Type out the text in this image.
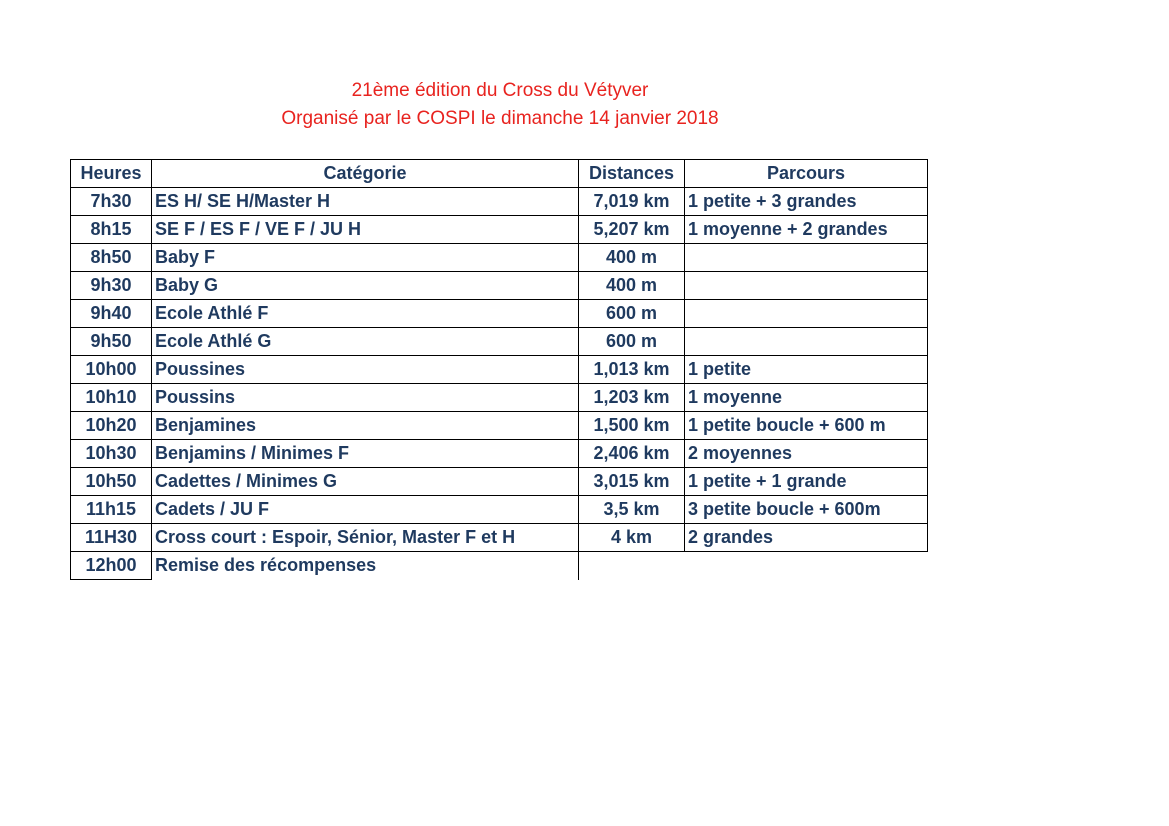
21ème édition du Cross du Vétyver
Organisé par le COSPI le dimanche 14 janvier 2018
Heures	Catégorie	Distances	Parcours
7h30	ES H/ SE H/Master H	7,019 km	1 petite + 3 grandes
8h15	SE F / ES F / VE F / JU H	5,207 km	1 moyenne + 2 grandes
8h50	Baby F	400 m	
9h30	Baby G	400 m	
9h40	Ecole Athlé F	600 m	
9h50	Ecole Athlé G	600 m	
10h00	Poussines	1,013 km	1 petite
10h10	Poussins	1,203 km	1 moyenne
10h20	Benjamines	1,500 km	1 petite boucle + 600 m
10h30	Benjamins / Minimes F	2,406 km	2 moyennes
10h50	Cadettes / Minimes G	3,015 km	1 petite + 1 grande
11h15	Cadets / JU F	3,5 km	3 petite boucle + 600m
11H30	Cross court : Espoir, Sénior, Master F et H	4 km	2 grandes
12h00	Remise des récompenses		
